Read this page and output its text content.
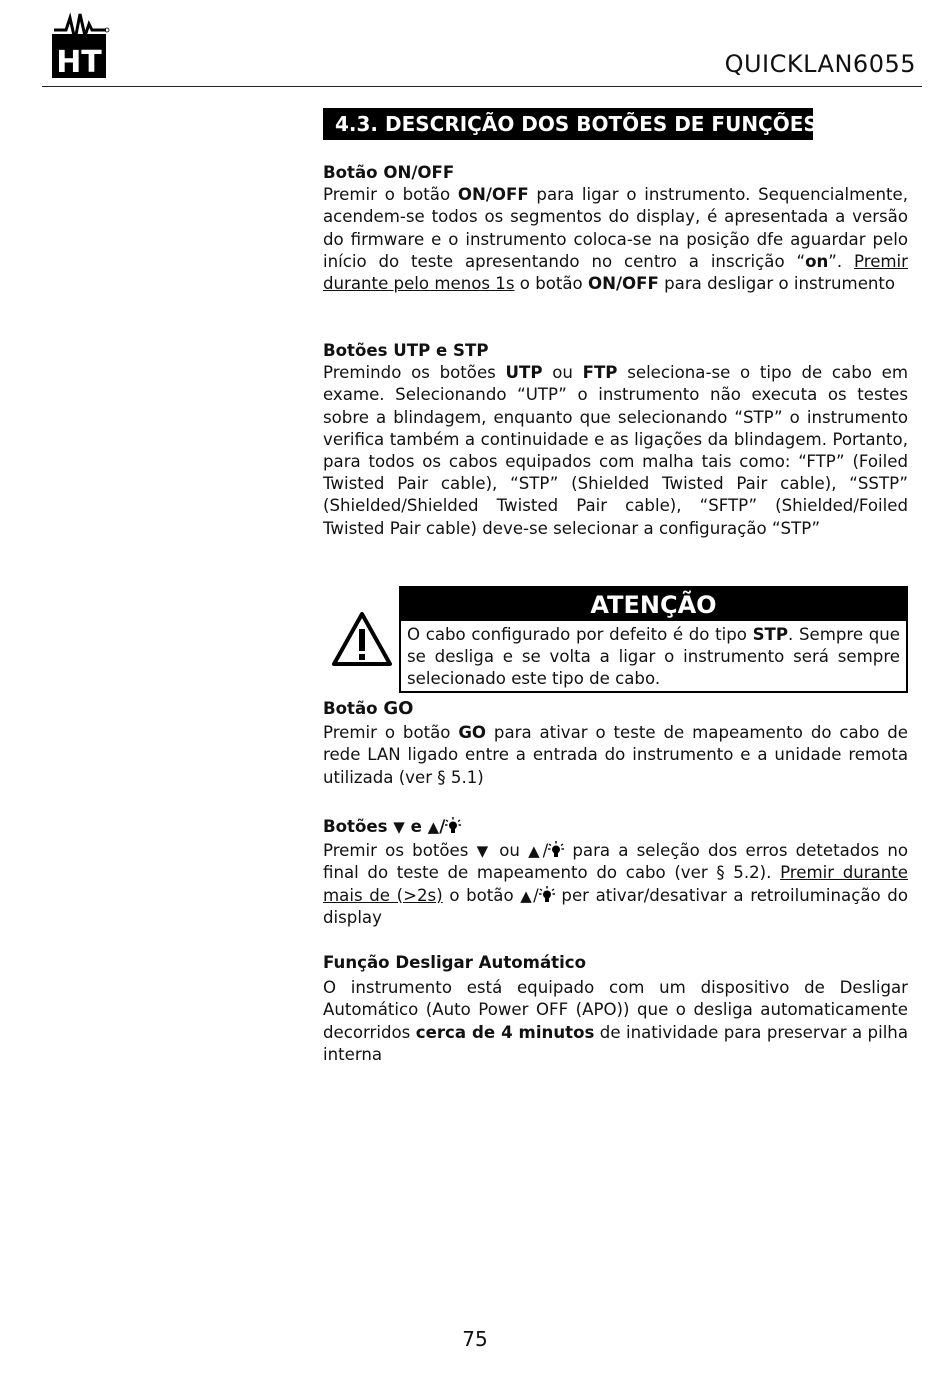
HT	QUICKLAN6055
4.3. DESCRIÇÃO DOS BOTÕES DE FUNÇÕES
Botão ON/OFF

Premir o botão ON/OFF para ligar o instrumento. Sequencialmente, acendem-se todos os segmentos do display, é apresentada a versão do firmware e o instrumento coloca-se na posição dfe aguardar pelo início do teste apresentando no centro a inscrição “on”. Premir durante pelo menos 1s o botão ON/OFF para desligar o instrumento

Botões UTP e STP

Premindo os botões UTP ou FTP seleciona-se o tipo de cabo em exame. Selecionando “UTP” o instrumento não executa os testes sobre a blindagem, enquanto que selecionando “STP” o instrumento verifica também a continuidade e as ligações da blindagem. Portanto, para todos os cabos equipados com malha tais como: “FTP” (Foiled Twisted Pair cable), “STP” (Shielded Twisted Pair cable), “SSTP” (Shielded/Shielded Twisted Pair cable), “SFTP” (Shielded/Foiled Twisted Pair cable) deve-se selecionar a configuração “STP”

ATENÇÃO
O cabo configurado por defeito é do tipo STP. Sempre que se desliga e se volta a ligar o instrumento será sempre selecionado este tipo de cabo.
Botão GO

Premir o botão GO para ativar o teste de mapeamento do cabo de rede LAN ligado entre a entrada do instrumento e a unidade remota utilizada (ver § 5.1)

Botões ▼ e ▲/

Premir os botões ▼ ou ▲/ para a seleção dos erros detetados no final do teste de mapeamento do cabo (ver § 5.2). Premir durante mais de (>2s) o botão ▲/ per ativar/desativar a retroiluminação do display

Função Desligar Automático

O instrumento está equipado com um dispositivo de Desligar Automático (Auto Power OFF (APO)) que o desliga automaticamente decorridos cerca de 4 minutos de inatividade para preservar a pilha interna

75
